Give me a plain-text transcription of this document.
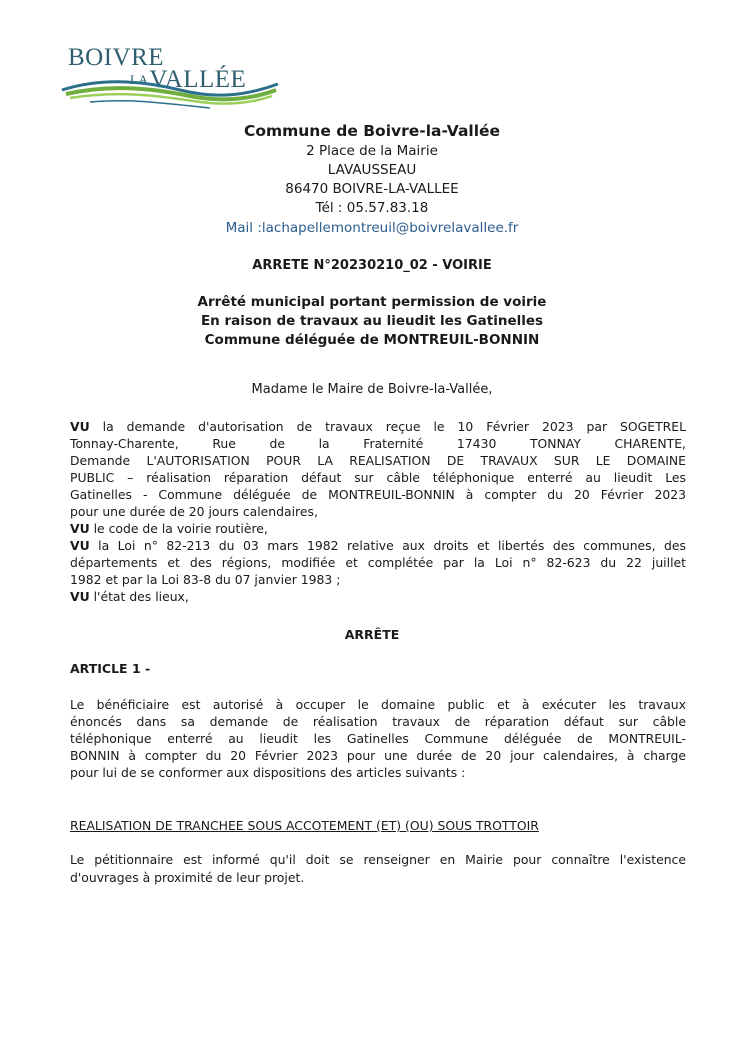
BOIVRE
$^{LA}$VALLÉE
Commune de Boivre-la-Vallée
2 Place de la Mairie
LAVAUSSEAU
86470 BOIVRE-LA-VALLEE
Tél : 05.57.83.18
Mail :lachapellemontreuil@boivrelavallee.fr
ARRETE N°20230210_02 - VOIRIE
Arrêté municipal portant permission de voirie
En raison de travaux au lieudit les Gatinelles
Commune déléguée de MONTREUIL-BONNIN
Madame le Maire de Boivre-la-Vallée,
VU la demande d'autorisation de travaux reçue le 10 Février 2023 par SOGETREL
Tonnay-Charente, Rue de la Fraternité 17430 TONNAY CHARENTE,
Demande L'AUTORISATION POUR LA REALISATION DE TRAVAUX SUR LE DOMAINE
PUBLIC – réalisation réparation défaut sur câble téléphonique enterré au lieudit Les
Gatinelles - Commune déléguée de MONTREUIL-BONNIN à compter du 20 Février 2023
pour une durée de 20 jours calendaires,
VU le code de la voirie routière,
VU la Loi n° 82-213 du 03 mars 1982 relative aux droits et libertés des communes, des
départements et des régions, modifiée et complétée par la Loi n° 82-623 du 22 juillet
1982 et par la Loi 83-8 du 07 janvier 1983 ;
VU l'état des lieux,
ARRÊTE
ARTICLE 1 -
Le bénéficiaire est autorisé à occuper le domaine public et à exécuter les travaux
énoncés dans sa demande de réalisation travaux de réparation défaut sur câble
téléphonique enterré au lieudit les Gatinelles Commune déléguée de MONTREUIL-
BONNIN à compter du 20 Février 2023 pour une durée de 20 jour calendaires, à charge
pour lui de se conformer aux dispositions des articles suivants :
REALISATION DE TRANCHEE SOUS ACCOTEMENT (ET) (OU) SOUS TROTTOIR
Le pétitionnaire est informé qu'il doit se renseigner en Mairie pour connaître l'existence
d'ouvrages à proximité de leur projet.
